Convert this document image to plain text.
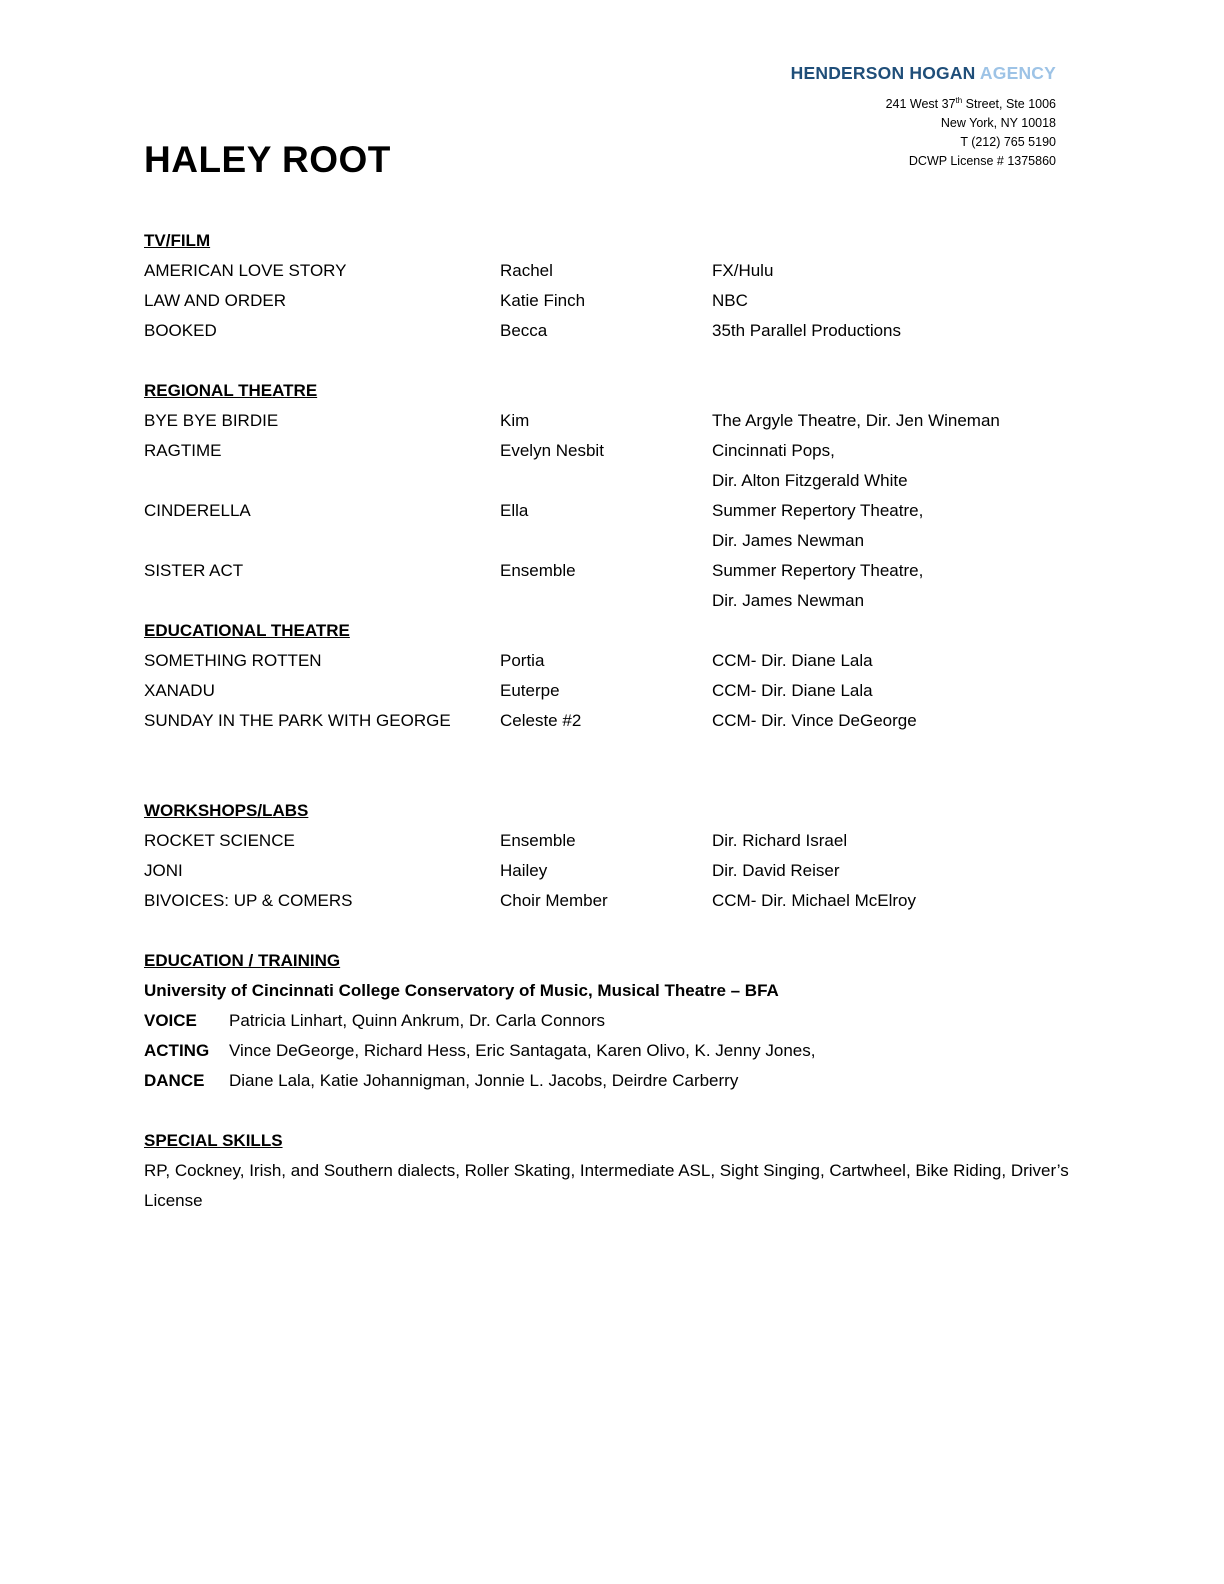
HENDERSON HOGAN AGENCY
241 West 37th Street, Ste 1006
New York, NY 10018
T (212) 765 5190
DCWP License # 1375860
HALEY ROOT
TV/FILM
AMERICAN LOVE STORY	Rachel	FX/Hulu
LAW AND ORDER	Katie Finch	NBC
BOOKED	Becca	35th Parallel Productions
REGIONAL THEATRE
BYE BYE BIRDIE	Kim	The Argyle Theatre, Dir. Jen Wineman
RAGTIME	Evelyn Nesbit	Cincinnati Pops,
Dir. Alton Fitzgerald White
CINDERELLA	Ella	Summer Repertory Theatre,
Dir. James Newman
SISTER ACT	Ensemble	Summer Repertory Theatre,
Dir. James Newman
EDUCATIONAL THEATRE
SOMETHING ROTTEN	Portia	CCM- Dir. Diane Lala
XANADU	Euterpe	CCM- Dir. Diane Lala
SUNDAY IN THE PARK WITH GEORGE	Celeste #2	CCM- Dir. Vince DeGeorge
WORKSHOPS/LABS
ROCKET SCIENCE	Ensemble	Dir. Richard Israel
JONI	Hailey	Dir. David Reiser
BIVOICES: UP & COMERS	Choir Member	CCM- Dir. Michael McElroy
EDUCATION / TRAINING
University of Cincinnati College Conservatory of Music, Musical Theatre – BFA
VOICE	Patricia Linhart, Quinn Ankrum, Dr. Carla Connors
ACTING	Vince DeGeorge, Richard Hess, Eric Santagata, Karen Olivo, K. Jenny Jones,
DANCE	Diane Lala, Katie Johannigman, Jonnie L. Jacobs, Deirdre Carberry
SPECIAL SKILLS
RP, Cockney, Irish, and Southern dialects, Roller Skating, Intermediate ASL, Sight Singing, Cartwheel, Bike Riding, Driver’s License
